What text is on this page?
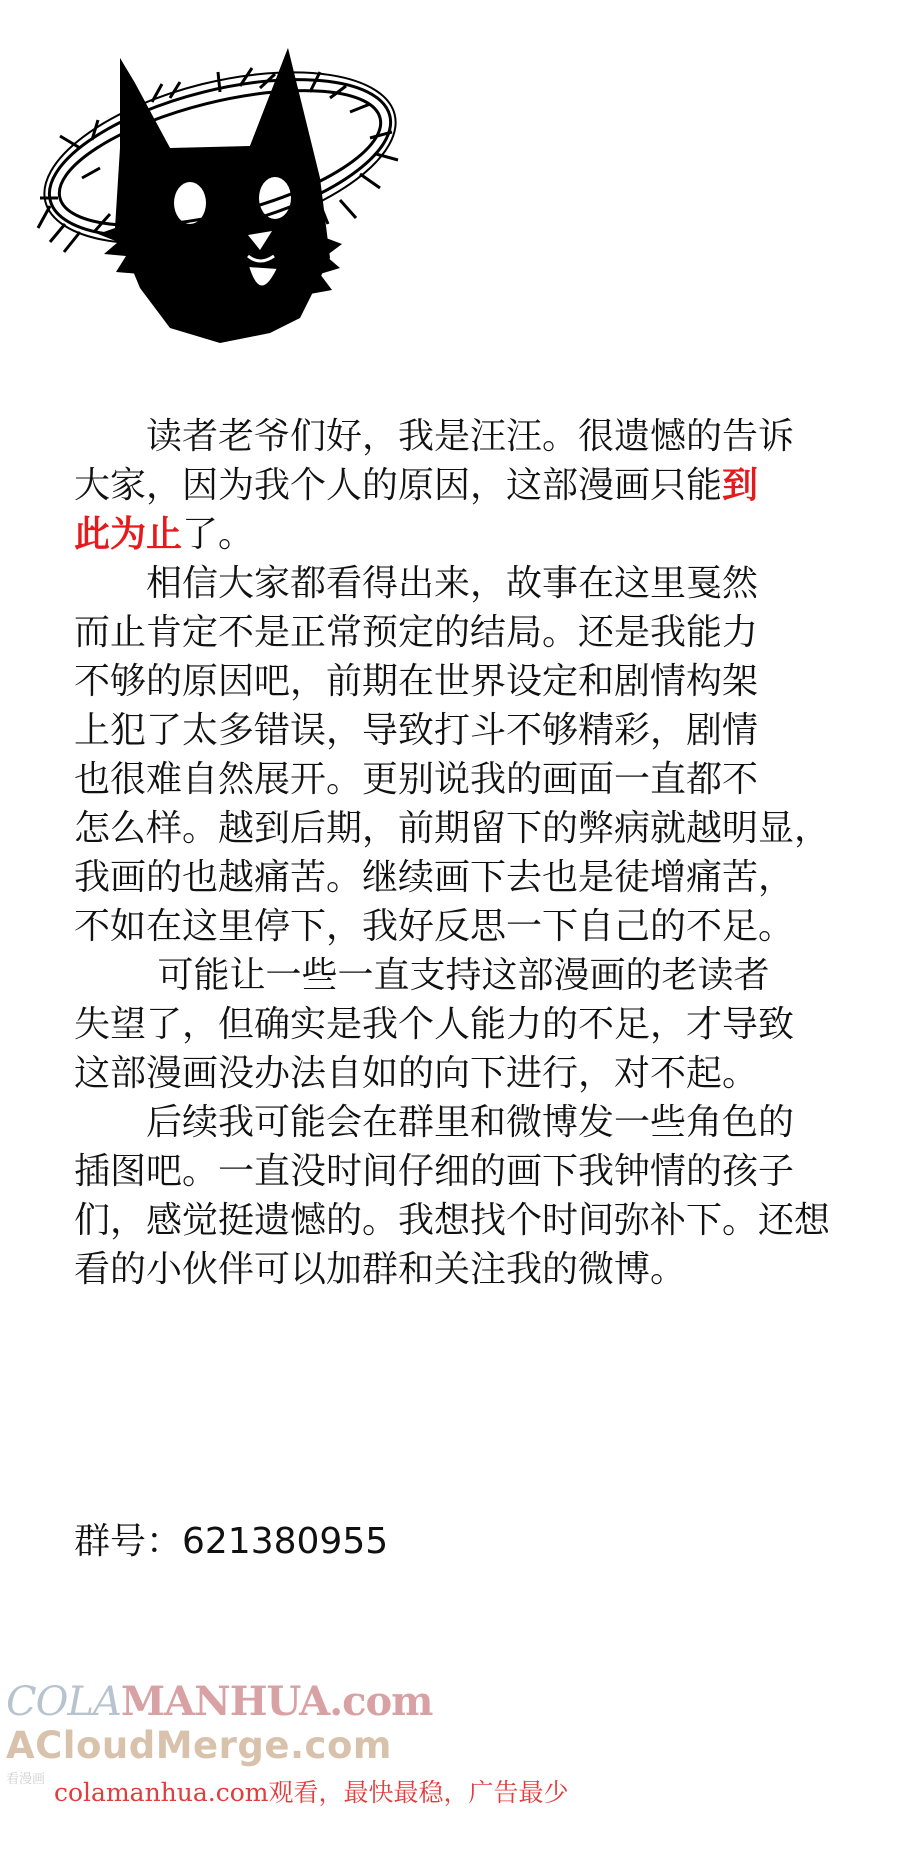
　　读者老爷们好，我是汪汪。很遗憾的告诉

大家，因为我个人的原因，这部漫画只能到

此为止了。

　　相信大家都看得出来，故事在这里戛然

而止肯定不是正常预定的结局。还是我能力

不够的原因吧，前期在世界设定和剧情构架

上犯了太多错误，导致打斗不够精彩，剧情

也很难自然展开。更别说我的画面一直都不

怎么样。越到后期，前期留下的弊病就越明显，

我画的也越痛苦。继续画下去也是徒增痛苦，

不如在这里停下，我好反思一下自己的不足。

　　 可能让一些一直支持这部漫画的老读者

失望了，但确实是我个人能力的不足，才导致

这部漫画没办法自如的向下进行，对不起。

　　后续我可能会在群里和微博发一些角色的

插图吧。一直没时间仔细的画下我钟情的孩子

们，感觉挺遗憾的。我想找个时间弥补下。还想

看的小伙伴可以加群和关注我的微博。

群号：621380955
COLAMANHUA.com
ACloudMerge.com
看漫画 colamanhua.com观看，最快最稳，广告最少
